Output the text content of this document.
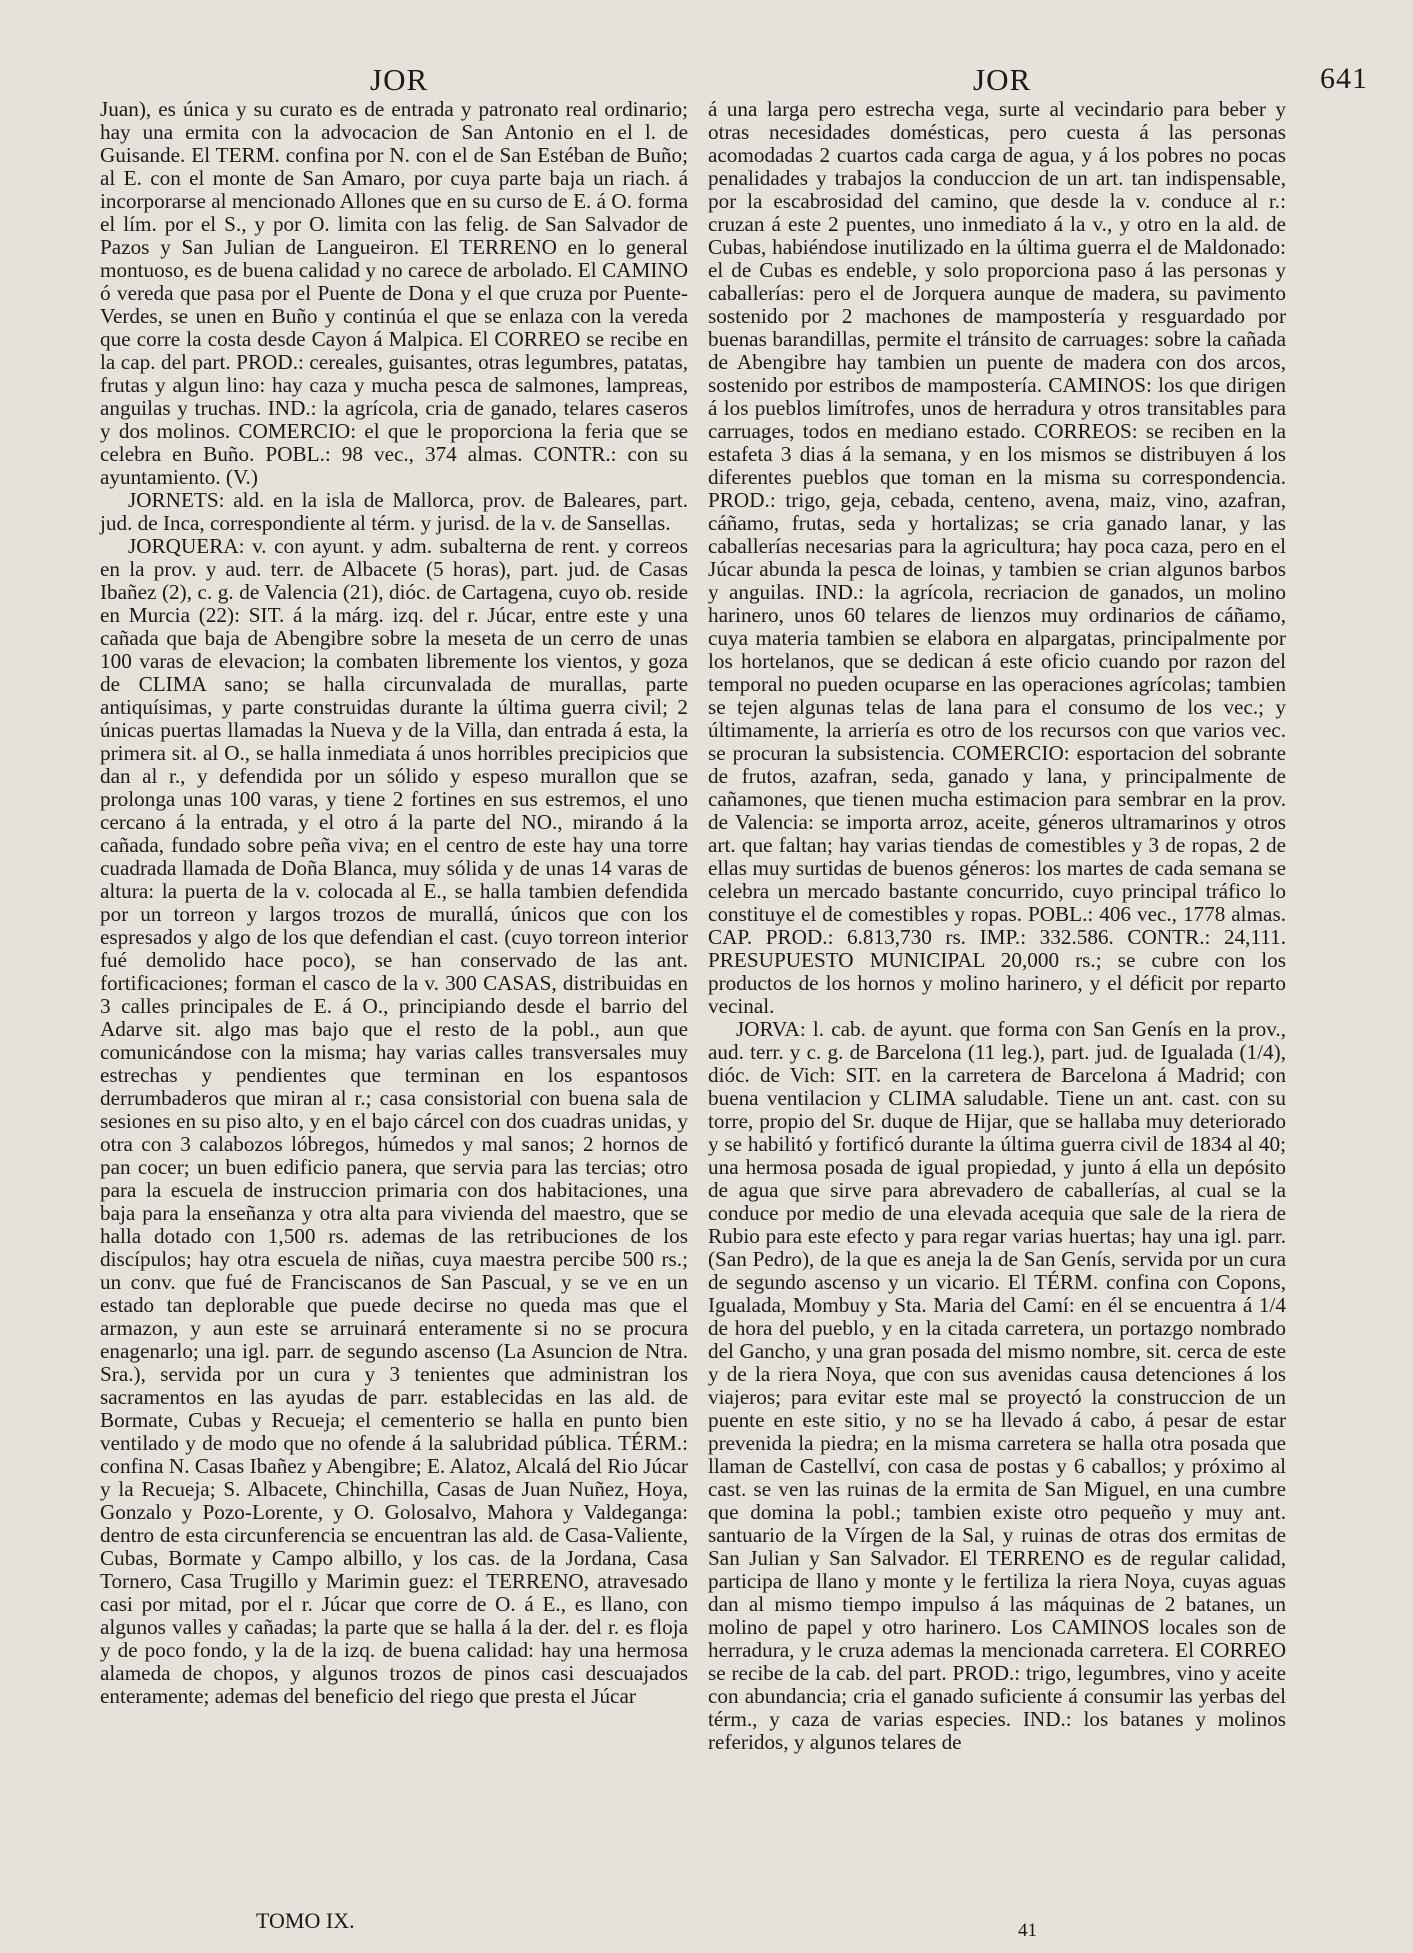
JOR	JOR	641

Juan), es única y su curato es de entrada y patronato real ordinario; hay una ermita con la advocacion de San Antonio en el l. de Guisande. El TERM. confina por N. con el de San Estéban de Buño; al E. con el monte de San Amaro, por cuya parte baja un riach. á incorporarse al mencionado Allones que en su curso de E. á O. forma el lím. por el S., y por O. limita con las felig. de San Salvador de Pazos y San Julian de Langueiron. El TERRENO en lo general montuoso, es de buena calidad y no carece de arbolado. El CAMINO ó vereda que pasa por el Puente de Dona y el que cruza por Puente-Verdes, se unen en Buño y continúa el que se enlaza con la vereda que corre la costa desde Cayon á Malpica. El CORREO se recibe en la cap. del part. PROD.: cereales, guisantes, otras legumbres, patatas, frutas y algun lino: hay caza y mucha pesca de salmones, lampreas, anguilas y truchas. IND.: la agrícola, cria de ganado, telares caseros y dos molinos. COMERCIO: el que le proporciona la feria que se celebra en Buño. POBL.: 98 vec., 374 almas. CONTR.: con su ayuntamiento. (V.)

JORNETS: ald. en la isla de Mallorca, prov. de Baleares, part. jud. de Inca, correspondiente al térm. y jurisd. de la v. de Sansellas.

JORQUERA: v. con ayunt. y adm. subalterna de rent. y correos en la prov. y aud. terr. de Albacete (5 horas), part. jud. de Casas Ibañez (2), c. g. de Valencia (21), dióc. de Cartagena, cuyo ob. reside en Murcia (22): SIT. á la márg. izq. del r. Júcar, entre este y una cañada que baja de Abengibre sobre la meseta de un cerro de unas 100 varas de elevacion; la combaten libremente los vientos, y goza de CLIMA sano; se halla circunvalada de murallas, parte antiquísimas, y parte construidas durante la última guerra civil; 2 únicas puertas llamadas la Nueva y de la Villa, dan entrada á esta, la primera sit. al O., se halla inmediata á unos horribles precipicios que dan al r., y defendida por un sólido y espeso murallon que se prolonga unas 100 varas, y tiene 2 fortines en sus estremos, el uno cercano á la entrada, y el otro á la parte del NO., mirando á la cañada, fundado sobre peña viva; en el centro de este hay una torre cuadrada llamada de Doña Blanca, muy sólida y de unas 14 varas de altura: la puerta de la v. colocada al E., se halla tambien defendida por un torreon y largos trozos de murallá, únicos que con los espresados y algo de los que defendian el cast. (cuyo torreon interior fué demolido hace poco), se han conservado de las ant. fortificaciones; forman el casco de la v. 300 CASAS, distribuidas en 3 calles principales de E. á O., principiando desde el barrio del Adarve sit. algo mas bajo que el resto de la pobl., aun que comunicándose con la misma; hay varias calles transversales muy estrechas y pendientes que terminan en los espantosos derrumbaderos que miran al r.; casa consistorial con buena sala de sesiones en su piso alto, y en el bajo cárcel con dos cuadras unidas, y otra con 3 calabozos lóbregos, húmedos y mal sanos; 2 hornos de pan cocer; un buen edificio panera, que servia para las tercias; otro para la escuela de instruccion primaria con dos habitaciones, una baja para la enseñanza y otra alta para vivienda del maestro, que se halla dotado con 1,500 rs. ademas de las retribuciones de los discípulos; hay otra escuela de niñas, cuya maestra percibe 500 rs.; un conv. que fué de Franciscanos de San Pascual, y se ve en un estado tan deplorable que puede decirse no queda mas que el armazon, y aun este se arruinará enteramente si no se procura enagenarlo; una igl. parr. de segundo ascenso (La Asuncion de Ntra. Sra.), servida por un cura y 3 tenientes que administran los sacramentos en las ayudas de parr. establecidas en las ald. de Bormate, Cubas y Recueja; el cementerio se halla en punto bien ventilado y de modo que no ofende á la salubridad pública. TÉRM.: confina N. Casas Ibañez y Abengibre; E. Alatoz, Alcalá del Rio Júcar y la Recueja; S. Albacete, Chinchilla, Casas de Juan Nuñez, Hoya, Gonzalo y Pozo-Lorente, y O. Golosalvo, Mahora y Valdeganga: dentro de esta circunferencia se encuentran las ald. de Casa-Valiente, Cubas, Bormate y Campo albillo, y los cas. de la Jordana, Casa Tornero, Casa Trugillo y Marimin guez: el TERRENO, atravesado casi por mitad, por el r. Júcar que corre de O. á E., es llano, con algunos valles y cañadas; la parte que se halla á la der. del r. es floja y de poco fondo, y la de la izq. de buena calidad: hay una hermosa alameda de chopos, y algunos trozos de pinos casi descuajados enteramente; ademas del beneficio del riego que presta el Júcar

á una larga pero estrecha vega, surte al vecindario para beber y otras necesidades domésticas, pero cuesta á las personas acomodadas 2 cuartos cada carga de agua, y á los pobres no pocas penalidades y trabajos la conduccion de un art. tan indispensable, por la escabrosidad del camino, que desde la v. conduce al r.: cruzan á este 2 puentes, uno inmediato á la v., y otro en la ald. de Cubas, habiéndose inutilizado en la última guerra el de Maldonado: el de Cubas es endeble, y solo proporciona paso á las personas y caballerías: pero el de Jorquera aunque de madera, su pavimento sostenido por 2 machones de mampostería y resguardado por buenas barandillas, permite el tránsito de carruages: sobre la cañada de Abengibre hay tambien un puente de madera con dos arcos, sostenido por estribos de mampostería. CAMINOS: los que dirigen á los pueblos limítrofes, unos de herradura y otros transitables para carruages, todos en mediano estado. CORREOS: se reciben en la estafeta 3 dias á la semana, y en los mismos se distribuyen á los diferentes pueblos que toman en la misma su correspondencia. PROD.: trigo, geja, cebada, centeno, avena, maiz, vino, azafran, cáñamo, frutas, seda y hortalizas; se cria ganado lanar, y las caballerías necesarias para la agricultura; hay poca caza, pero en el Júcar abunda la pesca de loinas, y tambien se crian algunos barbos y anguilas. IND.: la agrícola, recriacion de ganados, un molino harinero, unos 60 telares de lienzos muy ordinarios de cáñamo, cuya materia tambien se elabora en alpargatas, principalmente por los hortelanos, que se dedican á este oficio cuando por razon del temporal no pueden ocuparse en las operaciones agrícolas; tambien se tejen algunas telas de lana para el consumo de los vec.; y últimamente, la arriería es otro de los recursos con que varios vec. se procuran la subsistencia. COMERCIO: esportacion del sobrante de frutos, azafran, seda, ganado y lana, y principalmente de cañamones, que tienen mucha estimacion para sembrar en la prov. de Valencia: se importa arroz, aceite, géneros ultramarinos y otros art. que faltan; hay varias tiendas de comestibles y 3 de ropas, 2 de ellas muy surtidas de buenos géneros: los martes de cada semana se celebra un mercado bastante concurrido, cuyo principal tráfico lo constituye el de comestibles y ropas. POBL.: 406 vec., 1778 almas. CAP. PROD.: 6.813,730 rs. IMP.: 332.586. CONTR.: 24,111. PRESUPUESTO MUNICIPAL 20,000 rs.; se cubre con los productos de los hornos y molino harinero, y el déficit por reparto vecinal.

JORVA: l. cab. de ayunt. que forma con San Genís en la prov., aud. terr. y c. g. de Barcelona (11 leg.), part. jud. de Igualada (1/4), dióc. de Vich: SIT. en la carretera de Barcelona á Madrid; con buena ventilacion y CLIMA saludable. Tiene un ant. cast. con su torre, propio del Sr. duque de Hijar, que se hallaba muy deteriorado y se habilitó y fortificó durante la última guerra civil de 1834 al 40; una hermosa posada de igual propiedad, y junto á ella un depósito de agua que sirve para abrevadero de caballerías, al cual se la conduce por medio de una elevada acequia que sale de la riera de Rubio para este efecto y para regar varias huertas; hay una igl. parr. (San Pedro), de la que es aneja la de San Genís, servida por un cura de segundo ascenso y un vicario. El TÉRM. confina con Copons, Igualada, Mombuy y Sta. Maria del Camí: en él se encuentra á 1/4 de hora del pueblo, y en la citada carretera, un portazgo nombrado del Gancho, y una gran posada del mismo nombre, sit. cerca de este y de la riera Noya, que con sus avenidas causa detenciones á los viajeros; para evitar este mal se proyectó la construccion de un puente en este sitio, y no se ha llevado á cabo, á pesar de estar prevenida la piedra; en la misma carretera se halla otra posada que llaman de Castellví, con casa de postas y 6 caballos; y próximo al cast. se ven las ruinas de la ermita de San Miguel, en una cumbre que domina la pobl.; tambien existe otro pequeño y muy ant. santuario de la Vírgen de la Sal, y ruinas de otras dos ermitas de San Julian y San Salvador. El TERRENO es de regular calidad, participa de llano y monte y le fertiliza la riera Noya, cuyas aguas dan al mismo tiempo impulso á las máquinas de 2 batanes, un molino de papel y otro harinero. Los CAMINOS locales son de herradura, y le cruza ademas la mencionada carretera. El CORREO se recibe de la cab. del part. PROD.: trigo, legumbres, vino y aceite con abundancia; cria el ganado suficiente á consumir las yerbas del térm., y caza de varias especies. IND.: los batanes y molinos referidos, y algunos telares de

TOMO IX.	41
